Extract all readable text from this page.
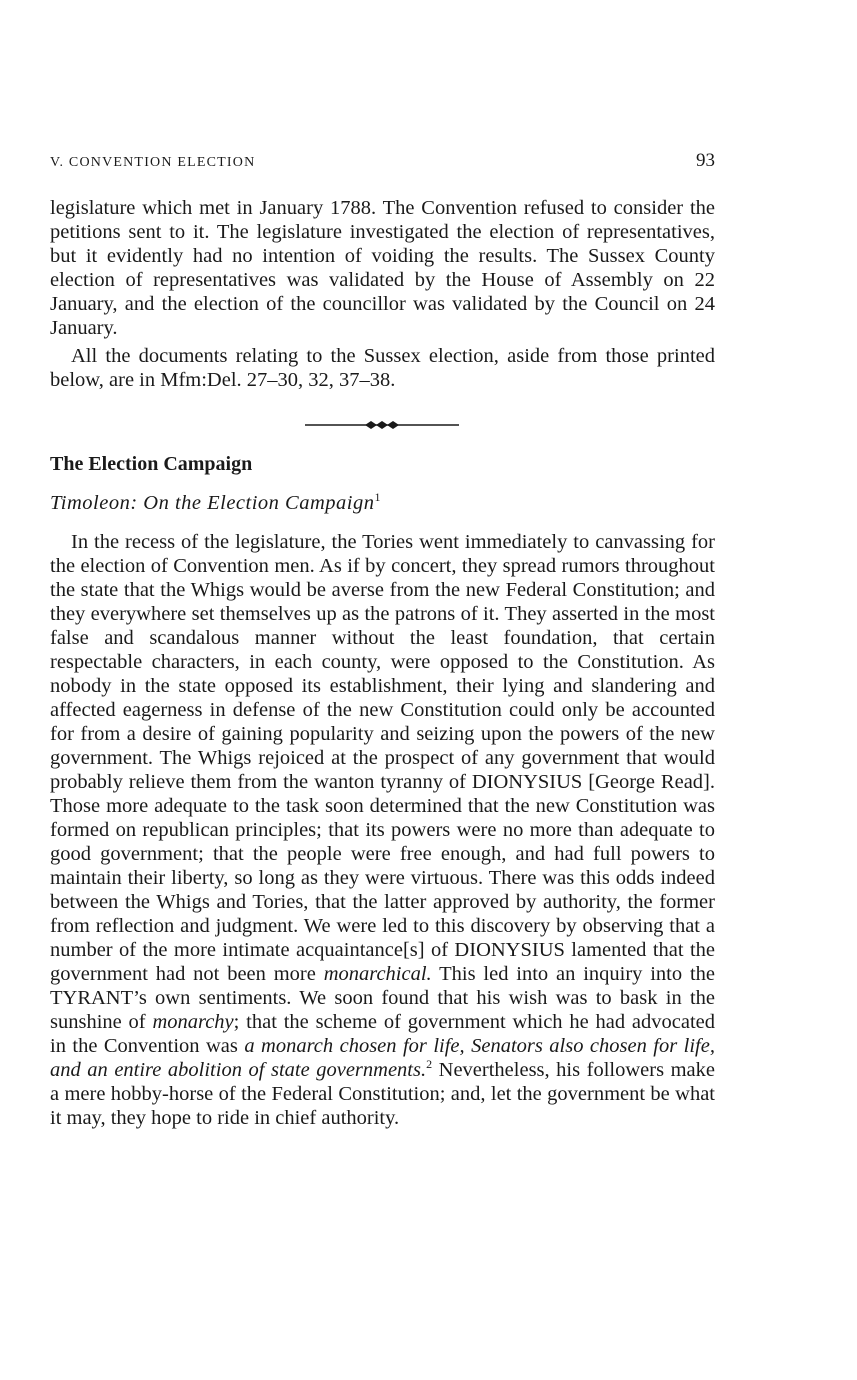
V. CONVENTION ELECTION	93

legislature which met in January 1788. The Convention refused to consider the petitions sent to it. The legislature investigated the election of representatives, but it evidently had no intention of voiding the results. The Sussex County election of representatives was validated by the House of Assembly on 22 January, and the election of the councillor was validated by the Council on 24 January.

All the documents relating to the Sussex election, aside from those printed below, are in Mfm:Del. 27–30, 32, 37–38.

The Election Campaign
Timoleon: On the Election Campaign$^1$

In the recess of the legislature, the Tories went immediately to canvassing for the election of Convention men. As if by concert, they spread rumors throughout the state that the Whigs would be averse from the new Federal Constitution; and they everywhere set themselves up as the patrons of it. They asserted in the most false and scandalous manner without the least foundation, that certain respectable characters, in each county, were opposed to the Constitution. As nobody in the state opposed its establishment, their lying and slandering and affected eagerness in defense of the new Constitution could only be accounted for from a desire of gaining popularity and seizing upon the powers of the new government. The Whigs rejoiced at the prospect of any government that would probably relieve them from the wanton tyranny of DIONYSIUS [George Read]. Those more adequate to the task soon determined that the new Constitution was formed on republican principles; that its powers were no more than adequate to good government; that the people were free enough, and had full powers to maintain their liberty, so long as they were virtuous. There was this odds indeed between the Whigs and Tories, that the latter approved by authority, the former from reflection and judgment. We were led to this discovery by observing that a number of the more intimate acquaintance[s] of DIONYSIUS lamented that the government had not been more monarchical. This led into an inquiry into the TYRANT’s own sentiments. We soon found that his wish was to bask in the sunshine of monarchy; that the scheme of government which he had advocated in the Convention was a monarch chosen for life, Senators also chosen for life, and an entire abolition of state governments.$^2$ Nevertheless, his followers make a mere hobby-horse of the Federal Constitution; and, let the government be what it may, they hope to ride in chief authority.
